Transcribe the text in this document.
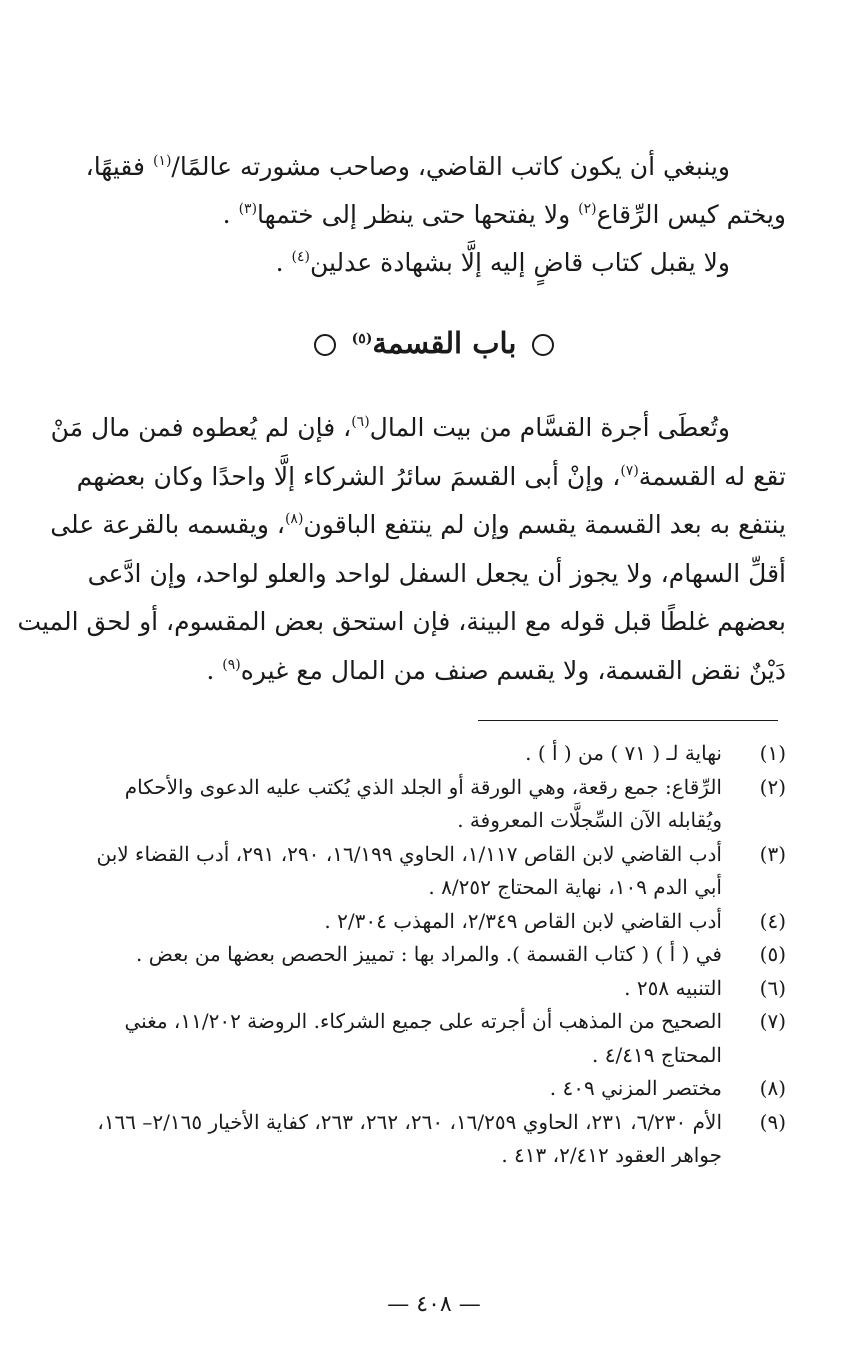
وينبغي أن يكون كاتب القاضي، وصاحب مشورته عالمًا/$^{(١)}$ فقيهًا،
ويختم كيس الرِّقاع$^{(٢)}$ ولا يفتحها حتى ينظر إلى ختمها$^{(٣)}$ .
ولا يقبل كتاب قاضٍ إليه إلَّا بشهادة عدلين$^{(٤)}$ .
باب القسمة$^{(٥)}$
وتُعطَى أجرة القسَّام من بيت المال$^{(٦)}$، فإن لم يُعطوه فمن مال مَنْ
تقع له القسمة$^{(٧)}$، وإنْ أبى القسمَ سائرُ الشركاء إلَّا واحدًا وكان بعضهم
ينتفع به بعد القسمة يقسم وإن لم ينتفع الباقون$^{(٨)}$، ويقسمه بالقرعة على
أقلِّ السهام، ولا يجوز أن يجعل السفل لواحد والعلو لواحد، وإن ادَّعى
بعضهم غلطًا قبل قوله مع البينة، فإن استحق بعض المقسوم، أو لحق الميت
دَيْنٌ نقض القسمة، ولا يقسم صنف من المال مع غيره$^{(٩)}$ .
(١)
نهاية لـ ( ٧١ ) من ( أ ) .
(٢)
الرِّقاع: جمع رقعة، وهي الورقة أو الجلد الذي يُكتب عليه الدعوى والأحكام ويُقابله الآن السِّجلَّات المعروفة .
(٣)
أدب القاضي لابن القاص ١/١١٧، الحاوي ١٦/١٩٩، ٢٩٠، ٢٩١، أدب القضاء لابن أبي الدم ١٠٩، نهاية المحتاج ٨/٢٥٢ .
(٤)
أدب القاضي لابن القاص ٢/٣٤٩، المهذب ٢/٣٠٤ .
(٥)
في ( أ ) ( كتاب القسمة ). والمراد بها : تمييز الحصص بعضها من بعض .
(٦)
التنبيه ٢٥٨ .
(٧)
الصحيح من المذهب أن أجرته على جميع الشركاء. الروضة ١١/٢٠٢، مغني المحتاج ٤/٤١٩ .
(٨)
مختصر المزني ٤٠٩ .
(٩)
الأم ٦/٢٣٠، ٢٣١، الحاوي ١٦/٢٥٩، ٢٦٠، ٢٦٢، ٢٦٣، كفاية الأخيار ٢/١٦٥– ١٦٦، جواهر العقود ٢/٤١٢، ٤١٣ .
— ٤٠٨ —
